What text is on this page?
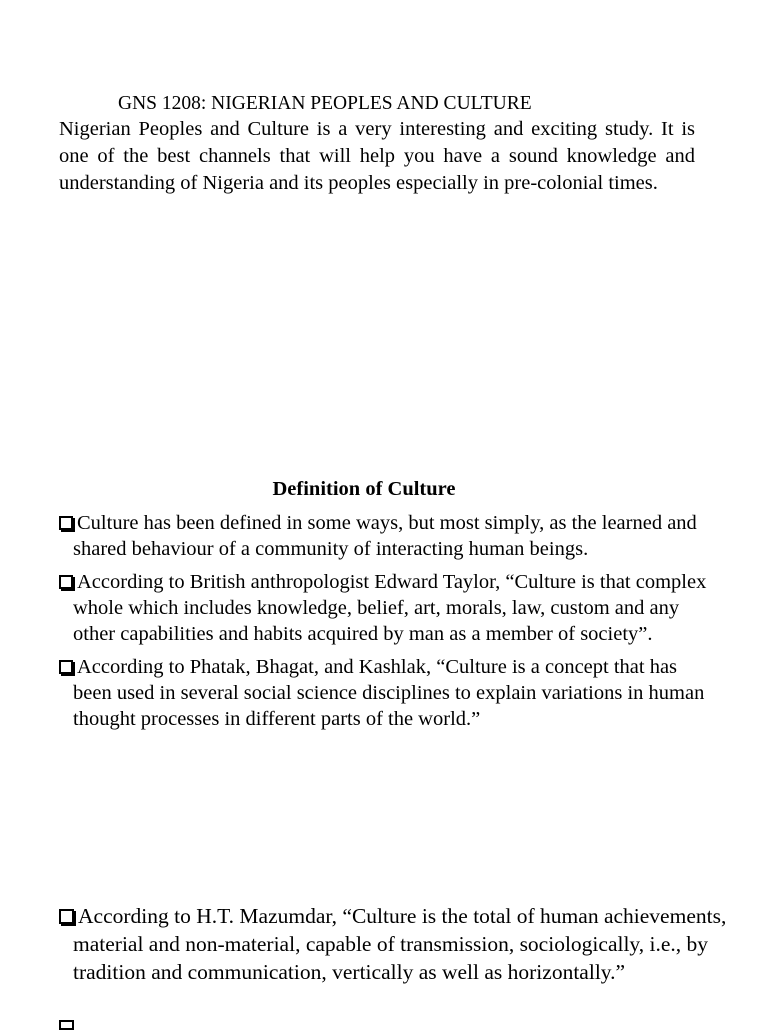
GNS 1208: NIGERIAN PEOPLES AND CULTURE

Nigerian Peoples and Culture is a very interesting and exciting study. It is one of the best channels that will help you have a sound knowledge and understanding of Nigeria and its peoples especially in pre-colonial times.

Definition of Culture
Culture has been defined in some ways, but most simply, as the learned and shared behaviour of a community of interacting human beings.
According to British anthropologist Edward Taylor, “Culture is that complex whole which includes knowledge, belief, art, morals, law, custom and any other capabilities and habits acquired by man as a member of society”.
According to Phatak, Bhagat, and Kashlak, “Culture is a concept that has been used in several social science disciplines to explain variations in human thought processes in different parts of the world.”
According to H.T. Mazumdar, “Culture is the total of human achievements, material and non-material, capable of transmission, sociologically, i.e., by tradition and communication, vertically as well as horizontally.”
